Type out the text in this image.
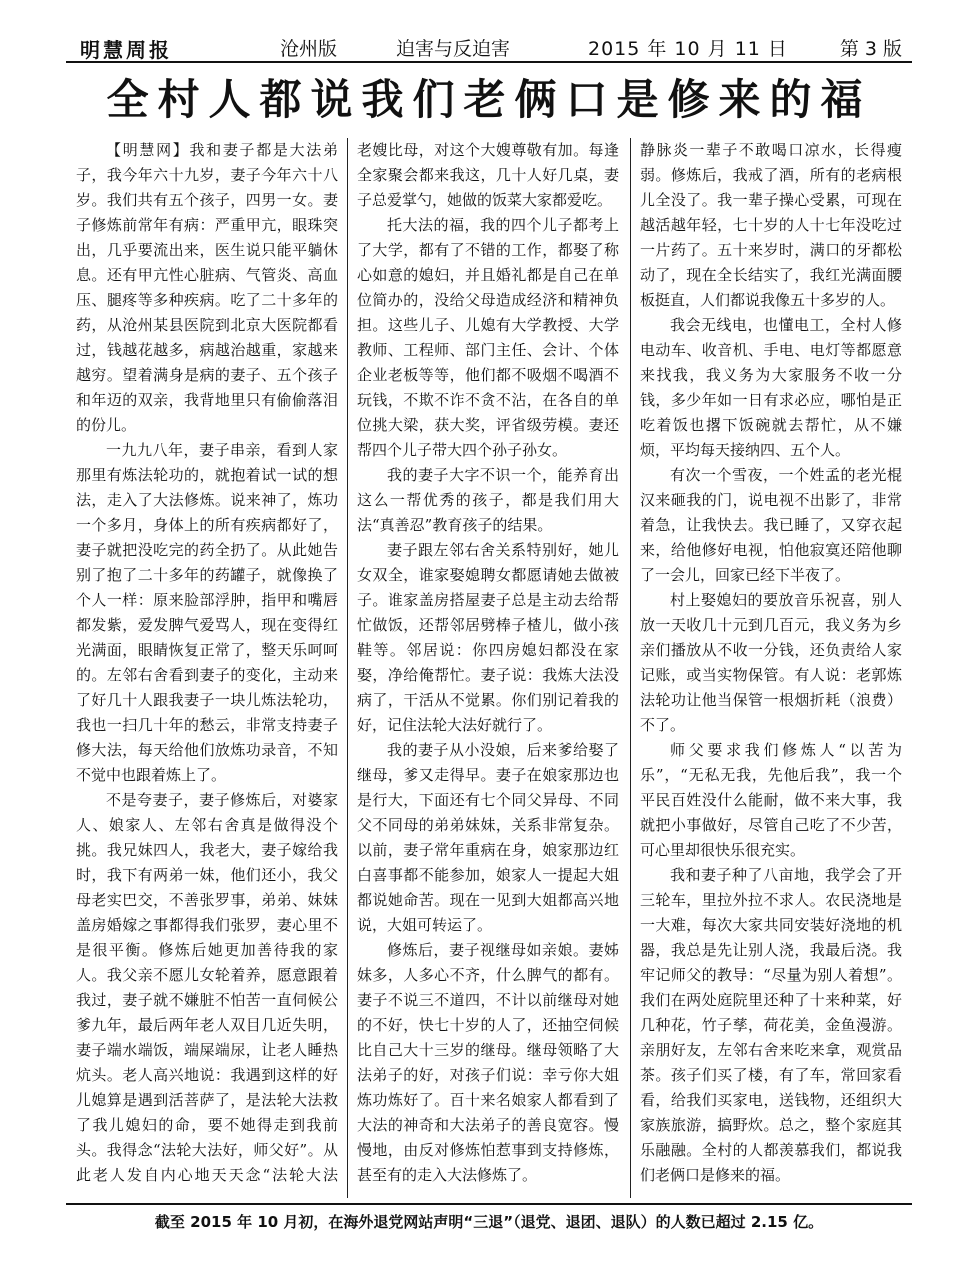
明慧周报	沧州版	迫害与反迫害	2015 年 10 月 11 日	第 3 版
全村人都说我们老俩口是修来的福

【明慧网】我和妻子都是大法弟子，我今年六十九岁，妻子今年六十八岁。我们共有五个孩子，四男一女。妻子修炼前常年有病：严重甲亢，眼珠突出，几乎要流出来，医生说只能平躺休息。还有甲亢性心脏病、气管炎、高血压、腿疼等多种疾病。吃了二十多年的药，从沧州某县医院到北京大医院都看过，钱越花越多，病越治越重，家越来越穷。望着满身是病的妻子、五个孩子和年迈的双亲，我背地里只有偷偷落泪的份儿。

一九九八年，妻子串亲，看到人家那里有炼法轮功的，就抱着试一试的想法，走入了大法修炼。说来神了，炼功一个多月，身体上的所有疾病都好了，妻子就把没吃完的药全扔了。从此她告别了抱了二十多年的药罐子，就像换了个人一样：原来脸部浮肿，指甲和嘴唇都发紫，爱发脾气爱骂人，现在变得红光满面，眼睛恢复正常了，整天乐呵呵的。左邻右舍看到妻子的变化，主动来了好几十人跟我妻子一块儿炼法轮功，我也一扫几十年的愁云，非常支持妻子修大法，每天给他们放炼功录音，不知不觉中也跟着炼上了。

不是夸妻子，妻子修炼后，对婆家人、娘家人、左邻右舍真是做得没个挑。我兄妹四人，我老大，妻子嫁给我时，我下有两弟一妹，他们还小，我父母老实巴交，不善张罗事，弟弟、妹妹盖房婚嫁之事都得我们张罗，妻心里不是很平衡。修炼后她更加善待我的家人。我父亲不愿儿女轮着养，愿意跟着我过，妻子就不嫌脏不怕苦一直伺候公爹九年，最后两年老人双目几近失明，妻子端水端饭，端屎端尿，让老人睡热炕头。老人高兴地说：我遇到这样的好儿媳算是遇到活菩萨了，是法轮大法救了我儿媳妇的命，要不她得走到我前头。我得念“法轮大法好，师父好”。从此老人发自内心地天天念“法轮大法

老嫂比母，对这个大嫂尊敬有加。每逢全家聚会都来我这，几十人好几桌，妻子总爱掌勺，她做的饭菜大家都爱吃。

托大法的福，我的四个儿子都考上了大学，都有了不错的工作，都娶了称心如意的媳妇，并且婚礼都是自己在单位简办的，没给父母造成经济和精神负担。这些儿子、儿媳有大学教授、大学教师、工程师、部门主任、会计、个体企业老板等等，他们都不吸烟不喝酒不玩钱，不欺不诈不贪不沾，在各自的单位挑大梁，获大奖，评省级劳模。妻还帮四个儿子带大四个孙子孙女。

我的妻子大字不识一个，能养育出这么一帮优秀的孩子，都是我们用大法“真善忍”教育孩子的结果。

妻子跟左邻右舍关系特别好，她儿女双全，谁家娶媳聘女都愿请她去做被子。谁家盖房搭屋妻子总是主动去给帮忙做饭，还帮邻居劈棒子楂儿，做小孩鞋等。邻居说：你四房媳妇都没在家娶，净给俺帮忙。妻子说：我炼大法没病了，干活从不觉累。你们别记着我的好，记住法轮大法好就行了。

我的妻子从小没娘，后来爹给娶了继母，爹又走得早。妻子在娘家那边也是行大，下面还有七个同父异母、不同父不同母的弟弟妹妹，关系非常复杂。以前，妻子常年重病在身，娘家那边红白喜事都不能参加，娘家人一提起大姐都说她命苦。现在一见到大姐都高兴地说，大姐可转运了。

修炼后，妻子视继母如亲娘。妻姊妹多，人多心不齐，什么脾气的都有。妻子不说三不道四，不计以前继母对她的不好，快七十岁的人了，还抽空伺候比自己大十三岁的继母。继母领略了大法弟子的好，对孩子们说：幸亏你大姐炼功炼好了。百十来名娘家人都看到了大法的神奇和大法弟子的善良宽容。慢慢地，由反对修炼怕惹事到支持修炼，甚至有的走入大法修炼了。

静脉炎一辈子不敢喝口凉水，长得瘦弱。修炼后，我戒了酒，所有的老病根儿全没了。我一辈子操心受累，可现在越活越年轻，七十岁的人十七年没吃过一片药了。五十来岁时，满口的牙都松动了，现在全长结实了，我红光满面腰板挺直，人们都说我像五十多岁的人。

我会无线电，也懂电工，全村人修电动车、收音机、手电、电灯等都愿意来找我，我义务为大家服务不收一分钱，多少年如一日有求必应，哪怕是正吃着饭也撂下饭碗就去帮忙，从不嫌烦，平均每天接纳四、五个人。

有次一个雪夜，一个姓孟的老光棍汉来砸我的门，说电视不出影了，非常着急，让我快去。我已睡了，又穿衣起来，给他修好电视，怕他寂寞还陪他聊了一会儿，回家已经下半夜了。

村上娶媳妇的要放音乐祝喜，别人放一天收几十元到几百元，我义务为乡亲们播放从不收一分钱，还负责给人家记账，或当实物保管。有人说：老郭炼法轮功让他当保管一根烟折耗（浪费）不了。

师父要求我们修炼人“以苦为乐”，“无私无我，先他后我”，我一个平民百姓没什么能耐，做不来大事，我就把小事做好，尽管自己吃了不少苦，可心里却很快乐很充实。

我和妻子种了八亩地，我学会了开三轮车，里拉外拉不求人。农民浇地是一大难，每次大家共同安装好浇地的机器，我总是先让别人浇，我最后浇。我牢记师父的教导：“尽量为别人着想”。我们在两处庭院里还种了十来种菜，好几种花，竹子孳，荷花美，金鱼漫游。亲朋好友，左邻右舍来吃来拿，观赏品茶。孩子们买了楼，有了车，常回家看看，给我们买家电，送钱物，还组织大家族旅游，搞野炊。总之，整个家庭其乐融融。全村的人都羡慕我们，都说我们老俩口是修来的福。

截至 2015 年 10 月初，在海外退党网站声明“三退”（退党、退团、退队）的人数已超过 2.15 亿。
